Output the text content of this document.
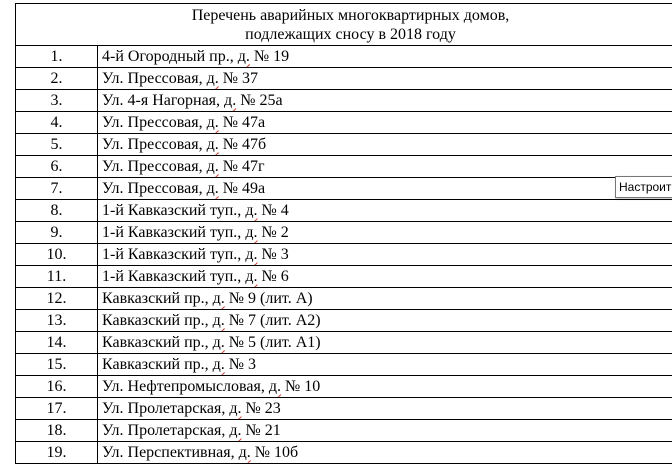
Перечень аварийных многоквартирных домов,
подлежащих сносу в 2018 году	

1.	4-й Огородный пр., д. № 19
2.	Ул. Прессовая, д. № 37
3.	Ул. 4-я Нагорная, д. № 25а
4.	Ул. Прессовая, д. № 47а
5.	Ул. Прессовая, д. № 47б
6.	Ул. Прессовая, д. № 47г
7.	Ул. Прессовая, д. № 49а
8.	1-й Кавказский туп., д. № 4
9.	1-й Кавказский туп., д. № 2
10.	1-й Кавказский туп., д. № 3
11.	1-й Кавказский туп., д. № 6
12.	Кавказский пр., д. № 9 (лит. А)
13.	Кавказский пр., д. № 7 (лит. А2)
14.	Кавказский пр., д. № 5 (лит. А1)
15.	Кавказский пр., д. № 3
16.	Ул. Нефтепромысловая, д. № 10
17.	Ул. Пролетарская, д. № 23
18.	Ул. Пролетарская, д. № 21
19.	Ул. Перспективная, д. № 10б
Настроит
